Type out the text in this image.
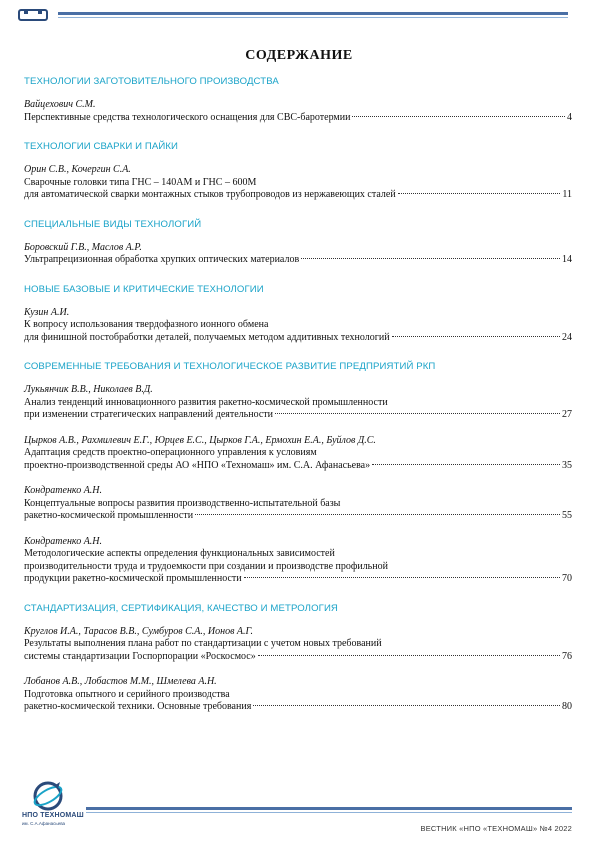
СОДЕРЖАНИЕ
ТЕХНОЛОГИИ ЗАГОТОВИТЕЛЬНОГО ПРОИЗВОДСТВА
Вайцехович С.М.
Перспективные средства технологического оснащения для СВС-баротермии	4
ТЕХНОЛОГИИ СВАРКИ И ПАЙКИ
Орин С.В., Кочергин С.А.
Сварочные головки типа ГНС – 140АМ и ГНС – 600М
для автоматической сварки монтажных стыков трубопроводов из нержавеющих сталей	11
СПЕЦИАЛЬНЫЕ ВИДЫ ТЕХНОЛОГИЙ
Боровский Г.В., Маслов А.Р.
Ультрапрецизионная обработка хрупких оптических материалов	14
НОВЫЕ БАЗОВЫЕ И КРИТИЧЕСКИЕ ТЕХНОЛОГИИ
Кузин А.И.
К вопросу использования твердофазного ионного обмена
для финишной постобработки деталей, получаемых методом аддитивных технологий	24
СОВРЕМЕННЫЕ ТРЕБОВАНИЯ И ТЕХНОЛОГИЧЕСКОЕ РАЗВИТИЕ ПРЕДПРИЯТИЙ РКП
Лукьянчик В.В., Николаев В.Д.
Анализ тенденций инновационного развития ракетно-космической промышленности
при изменении стратегических направлений деятельности	27
Цырков А.В., Рахмилевич Е.Г., Юрцев Е.С., Цырков Г.А., Ермохин Е.А., Буйлов Д.С.
Адаптация средств проектно-операционного управления к условиям
проектно-производственной среды АО «НПО «Техномаш» им. С.А. Афанасьева»	35
Кондратенко А.Н.
Концептуальные вопросы развития производственно-испытательной базы
ракетно-космической промышленности	55
Кондратенко А.Н.
Методологические аспекты определения функциональных зависимостей
производительности труда и трудоемкости при создании и производстве профильной
продукции ракетно-космической промышленности	70
СТАНДАРТИЗАЦИЯ, СЕРТИФИКАЦИЯ, КАЧЕСТВО И МЕТРОЛОГИЯ
Круглов И.А., Тарасов В.В., Сумбуров С.А., Ионов А.Г.
Результаты выполнения плана работ по стандартизации с учетом новых требований
системы стандартизации Госпорпорации «Роскосмос»	76
Лобанов А.В., Лобастов М.М., Шмелева А.Н.
Подготовка опытного и серийного производства
ракетно-космической техники. Основные требования	80
НПО ТЕХНОМАШ
им. С.А.Афанасьева
ВЕСТНИК «НПО «ТЕХНОМАШ» №4 2022
